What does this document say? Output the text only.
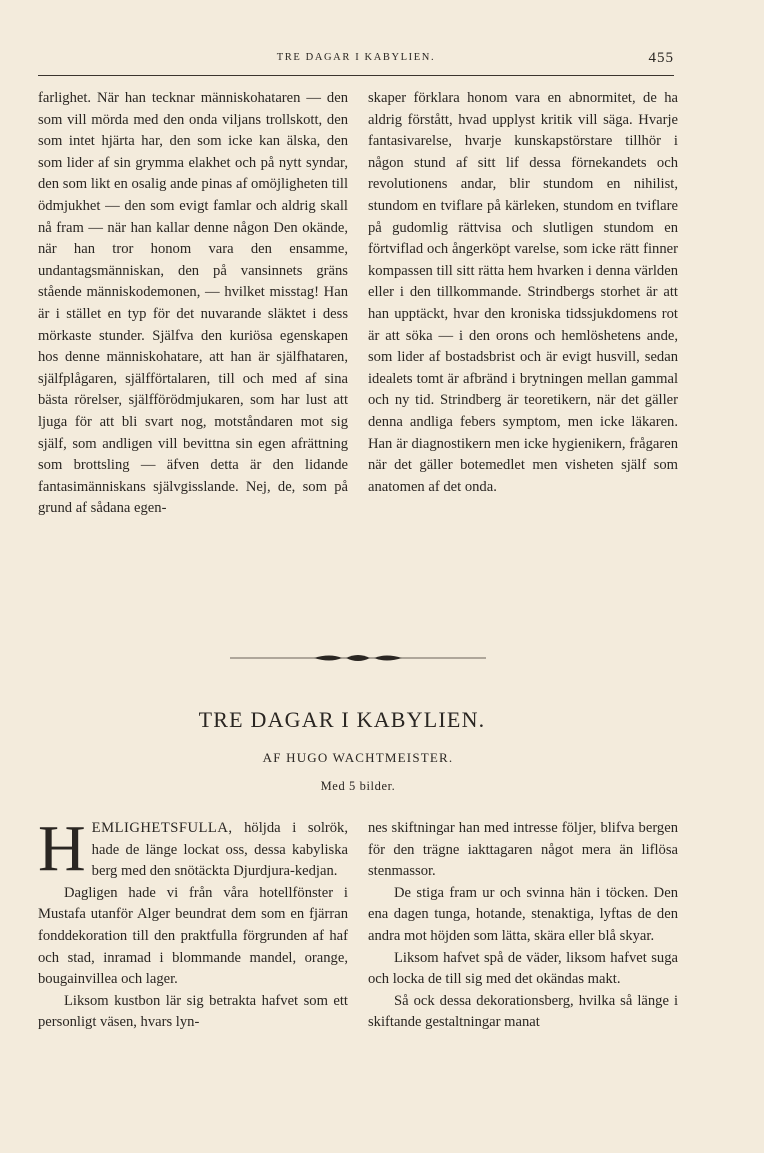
TRE DAGAR I KABYLIEN.	455

farlighet. När han tecknar människohataren — den som vill mörda med den onda viljans trollskott, den som intet hjärta har, den som icke kan älska, den som lider af sin grymma elakhet och på nytt syndar, den som likt en osalig ande pinas af omöjligheten till ödmjukhet — den som evigt famlar och aldrig skall nå fram — när han kallar denne någon Den okände, när han tror honom vara den ensamme, undantagsmänniskan, den på vansinnets gräns stående människodemonen, — hvilket misstag! Han är i stället en typ för det nuvarande släktet i dess mörkaste stunder. Själfva den kuriösa egenskapen hos denne människohatare, att han är själfhataren, själfplågaren, själfförtalaren, till och med af sina bästa rörelser, själfförödmjukaren, som har lust att ljuga för att bli svart nog, motståndaren mot sig själf, som andligen vill bevittna sin egen afrättning som brottsling — äfven detta är den lidande fantasimänniskans självgisslande. Nej, de, som på grund af sådana egen-

skaper förklara honom vara en abnormitet, de ha aldrig förstått, hvad upplyst kritik vill säga. Hvarje fantasivarelse, hvarje kunskapstörstare tillhör i någon stund af sitt lif dessa förnekandets och revolutionens andar, blir stundom en nihilist, stundom en tviflare på kärleken, stundom en tviflare på gudomlig rättvisa och slutligen stundom en förtviflad och ångerköpt varelse, som icke rätt finner kompassen till sitt rätta hem hvarken i denna världen eller i den tillkommande. Strindbergs storhet är att han upptäckt, hvar den kroniska tidssjukdomens rot är att söka — i den orons och hemlöshetens ande, som lider af bostadsbrist och är evigt husvill, sedan idealets tomt är afbränd i brytningen mellan gammal och ny tid. Strindberg är teoretikern, när det gäller denna andliga febers symptom, men icke läkaren. Han är diagnostikern men icke hygienikern, frågaren när det gäller botemedlet men visheten själf som anatomen af det onda.

TRE DAGAR I KABYLIEN.
AF HUGO WACHTMEISTER.
Med 5 bilder.

HEMLIGHETSFULLA, höljda i solrök, hade de länge lockat oss, dessa kabyliska berg med den snötäckta Djurdjura-kedjan.

Dagligen hade vi från våra hotellfönster i Mustafa utanför Alger beundrat dem som en fjärran fonddekoration till den praktfulla förgrunden af haf och stad, inramad i blommande mandel, orange, bougainvillea och lager.

Liksom kustbon lär sig betrakta hafvet som ett personligt väsen, hvars lyn-

nes skiftningar han med intresse följer, blifva bergen för den trägne iakttagaren något mera än liflösa stenmassor.

De stiga fram ur och svinna hän i töcken. Den ena dagen tunga, hotande, stenaktiga, lyftas de den andra mot höjden som lätta, skära eller blå skyar.

Liksom hafvet spå de väder, liksom hafvet suga och locka de till sig med det okändas makt.

Så ock dessa dekorationsberg, hvilka så länge i skiftande gestaltningar manat
